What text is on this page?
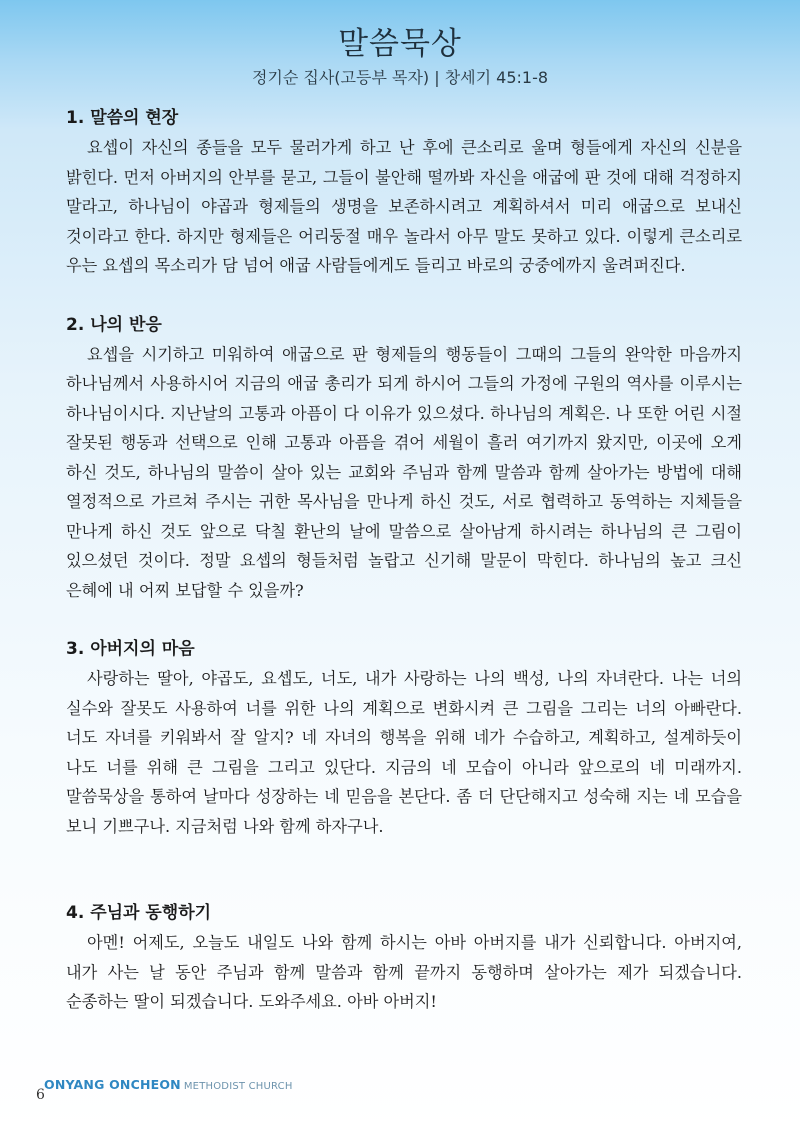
말씀묵상
정기순 집사(고등부 목자) | 창세기 45:1-8
1. 말씀의 현장

요셉이 자신의 종들을 모두 물러가게 하고 난 후에 큰소리로 울며 형들에게 자신의 신분을 밝힌다. 먼저 아버지의 안부를 묻고, 그들이 불안해 떨까봐 자신을 애굽에 판 것에 대해 걱정하지 말라고, 하나님이 야곱과 형제들의 생명을 보존하시려고 계획하셔서 미리 애굽으로 보내신 것이라고 한다. 하지만 형제들은 어리둥절 매우 놀라서 아무 말도 못하고 있다. 이렇게 큰소리로 우는 요셉의 목소리가 담 넘어 애굽 사람들에게도 들리고 바로의 궁중에까지 울려퍼진다.

2. 나의 반응

요셉을 시기하고 미워하여 애굽으로 판 형제들의 행동들이 그때의 그들의 완악한 마음까지 하나님께서 사용하시어 지금의 애굽 총리가 되게 하시어 그들의 가정에 구원의 역사를 이루시는 하나님이시다. 지난날의 고통과 아픔이 다 이유가 있으셨다. 하나님의 계획은. 나 또한 어린 시절 잘못된 행동과 선택으로 인해 고통과 아픔을 겪어 세월이 흘러 여기까지 왔지만, 이곳에 오게 하신 것도, 하나님의 말씀이 살아 있는 교회와 주님과 함께 말씀과 함께 살아가는 방법에 대해 열정적으로 가르쳐 주시는 귀한 목사님을 만나게 하신 것도, 서로 협력하고 동역하는 지체들을 만나게 하신 것도 앞으로 닥칠 환난의 날에 말씀으로 살아남게 하시려는 하나님의 큰 그림이 있으셨던 것이다. 정말 요셉의 형들처럼 놀랍고 신기해 말문이 막힌다. 하나님의 높고 크신 은혜에 내 어찌 보답할 수 있을까?

3. 아버지의 마음

사랑하는 딸아, 야곱도, 요셉도, 너도, 내가 사랑하는 나의 백성, 나의 자녀란다. 나는 너의 실수와 잘못도 사용하여 너를 위한 나의 계획으로 변화시켜 큰 그림을 그리는 너의 아빠란다. 너도 자녀를 키워봐서 잘 알지? 네 자녀의 행복을 위해 네가 수습하고, 계획하고, 설계하듯이 나도 너를 위해 큰 그림을 그리고 있단다. 지금의 네 모습이 아니라 앞으로의 네 미래까지. 말씀묵상을 통하여 날마다 성장하는 네 믿음을 본단다. 좀 더 단단해지고 성숙해 지는 네 모습을 보니 기쁘구나. 지금처럼 나와 함께 하자구나.

4. 주님과 동행하기

아멘! 어제도, 오늘도 내일도 나와 함께 하시는 아바 아버지를 내가 신뢰합니다. 아버지여, 내가 사는 날 동안 주님과 함께 말씀과 함께 끝까지 동행하며 살아가는 제가 되겠습니다. 순종하는 딸이 되겠습니다. 도와주세요. 아바 아버지!

ONYANG ONCHEON METHODIST CHURCH
6
